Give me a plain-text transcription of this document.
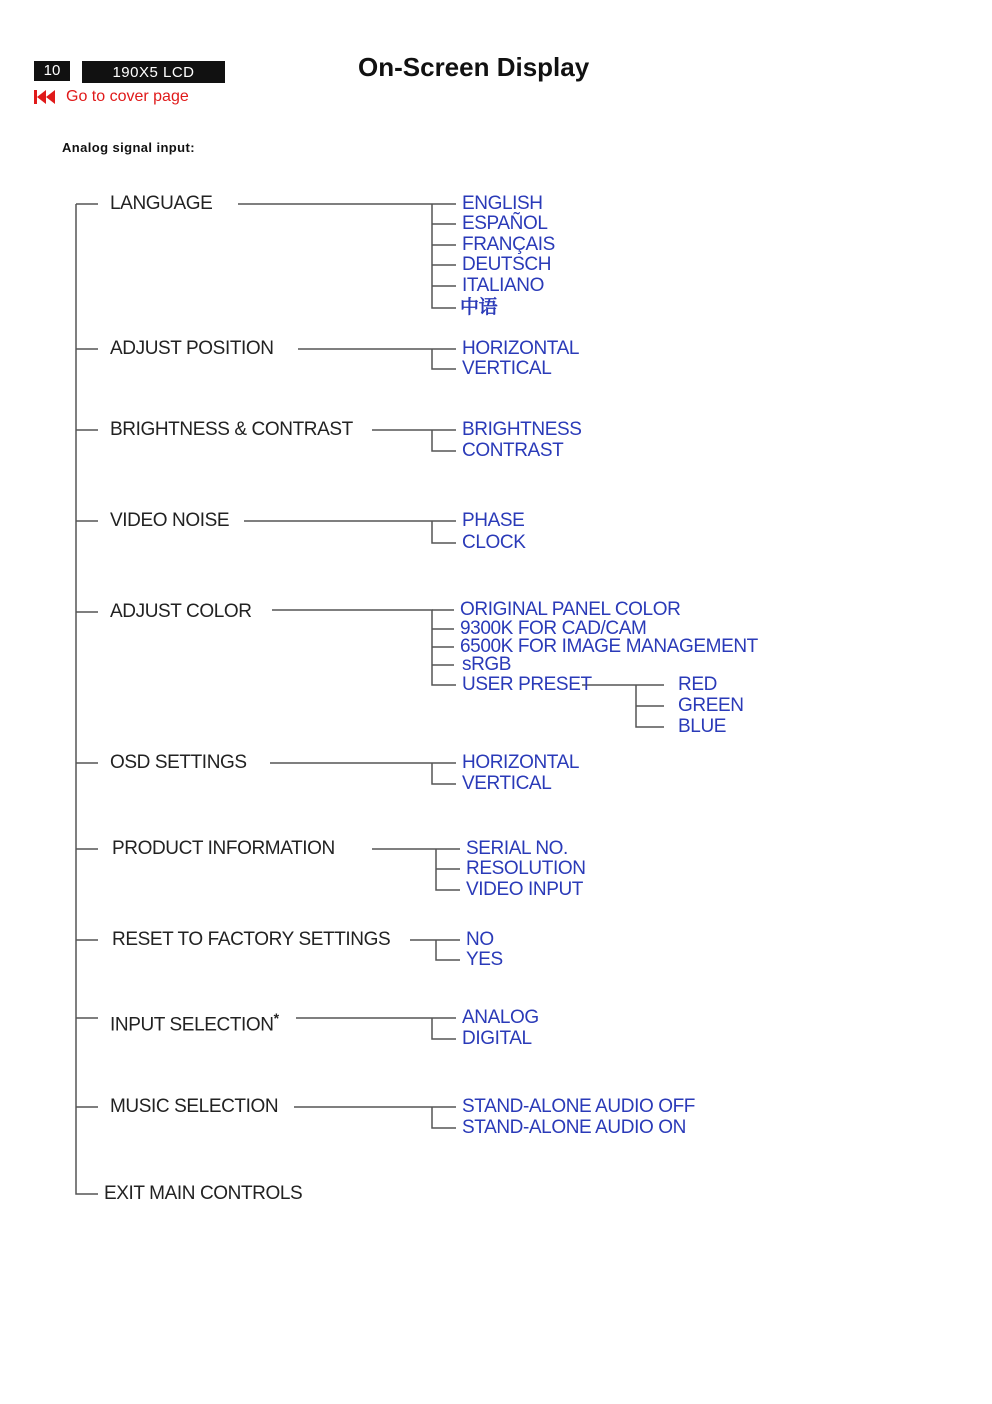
10	190X5 LCD	On-Screen Display
Go to cover page
Analog signal input:
LANGUAGE
ADJUST POSITION
BRIGHTNESS & CONTRAST
VIDEO NOISE
ADJUST COLOR
OSD SETTINGS
PRODUCT INFORMATION
RESET TO FACTORY SETTINGS
INPUT SELECTION*
MUSIC SELECTION
EXIT MAIN CONTROLS
ENGLISH
ESPAÑOL
FRANÇAIS
DEUTSCH
ITALIANO
中语
HORIZONTAL
VERTICAL
BRIGHTNESS
CONTRAST
PHASE
CLOCK
ORIGINAL PANEL COLOR
9300K FOR CAD/CAM
6500K FOR IMAGE MANAGEMENT
sRGB
USER PRESET	RED
GREEN
BLUE
HORIZONTAL
VERTICAL
SERIAL NO.
RESOLUTION
VIDEO INPUT
NO
YES
ANALOG
DIGITAL
STAND-ALONE AUDIO OFF
STAND-ALONE AUDIO ON
